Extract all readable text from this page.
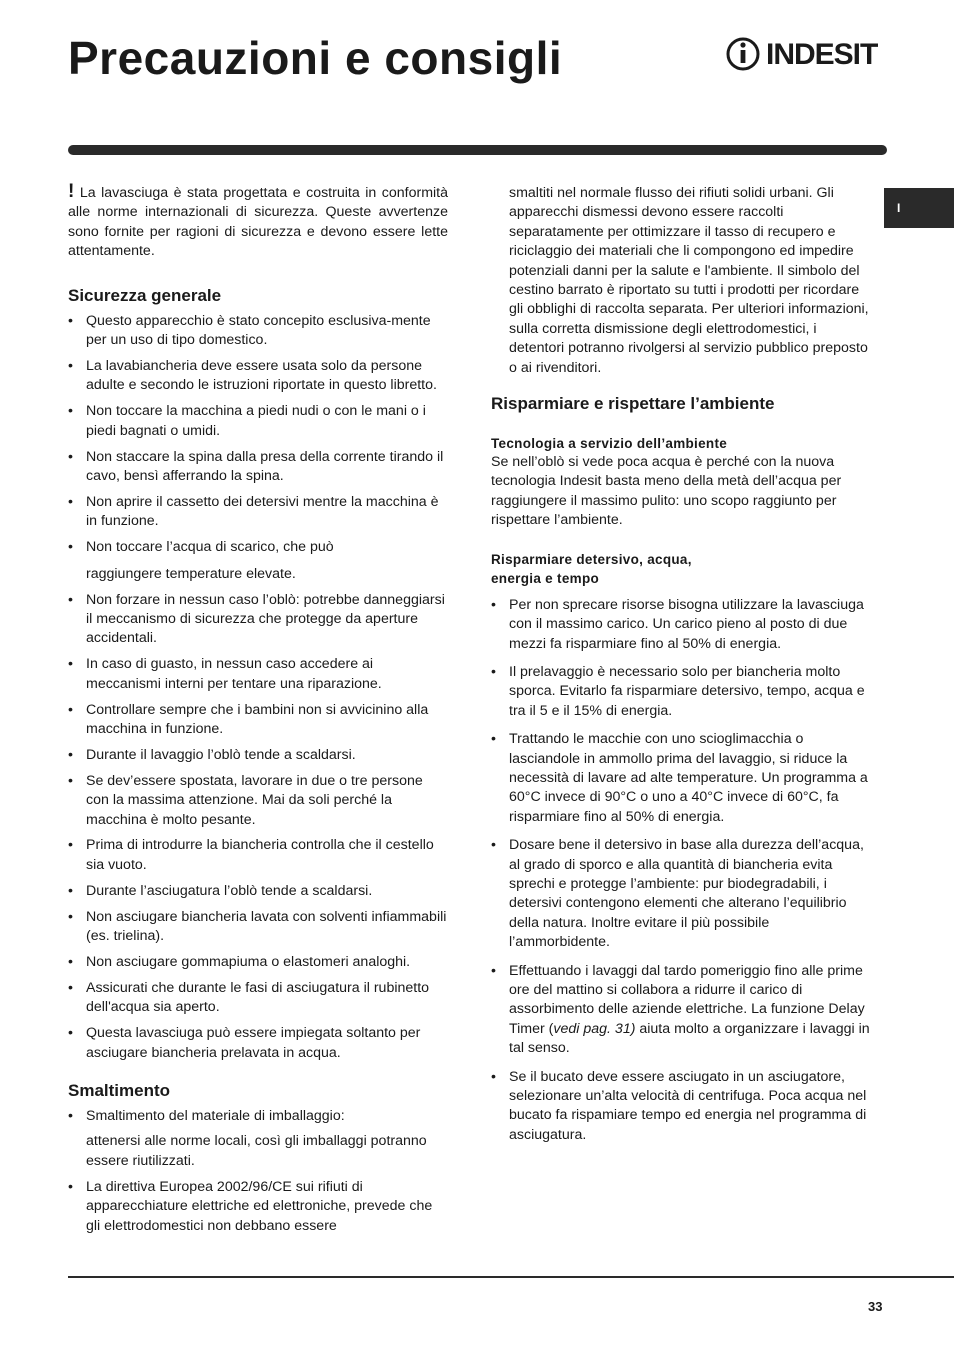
Precauzioni e consigli	INDESIT
I

! La lavasciuga è stata progettata e costruita in conformità alle norme internazionali di sicurezza. Queste avvertenze sono fornite per ragioni di sicurezza e devono essere lette attentamente.

Sicurezza generale
• Questo apparecchio è stato concepito esclusiva-mente per un uso di tipo domestico.
• La lavabiancheria deve essere usata solo da persone adulte e secondo le istruzioni riportate in questo libretto.
• Non toccare la macchina a piedi nudi o con le mani o i piedi bagnati o umidi.
• Non staccare la spina dalla presa della corrente tirando il cavo, bensì afferrando la spina.
• Non aprire il cassetto dei detersivi mentre la macchina è in funzione.
• Non toccare l’acqua di scarico, che può
raggiungere temperature elevate.
• Non forzare in nessun caso l’oblò: potrebbe danneggiarsi il meccanismo di sicurezza che protegge da aperture accidentali.
• In caso di guasto, in nessun caso accedere ai meccanismi interni per tentare una riparazione.
• Controllare sempre che i bambini non si avvicinino alla macchina in funzione.
• Durante il lavaggio l’oblò tende a scaldarsi.
• Se dev’essere spostata, lavorare in due o tre persone con la massima attenzione. Mai da soli perché la macchina è molto pesante.
• Prima di introdurre la biancheria controlla che il cestello sia vuoto.
• Durante l’asciugatura l’oblò tende a scaldarsi.
• Non asciugare biancheria lavata con solventi infiammabili (es. trielina).
• Non asciugare gommapiuma o elastomeri analoghi.
• Assicurati che durante le fasi di asciugatura il rubinetto dell'acqua sia aperto.
• Questa lavasciuga può essere impiegata soltanto per asciugare biancheria prelavata in acqua.
Smaltimento
• Smaltimento del materiale di imballaggio:
attenersi alle norme locali, così gli imballaggi potranno essere riutilizzati.
• La direttiva Europea 2002/96/CE sui rifiuti di apparecchiature elettriche ed elettroniche, prevede che gli elettrodomestici non debbano essere

smaltiti nel normale flusso dei rifiuti solidi urbani. Gli apparecchi dismessi devono essere raccolti separatamente per ottimizzare il tasso di recupero e riciclaggio dei materiali che li compongono ed impedire potenziali danni per la salute e l'ambiente. Il simbolo del cestino barrato è riportato su tutti i prodotti per ricordare gli obblighi di raccolta separata. Per ulteriori informazioni, sulla corretta dismissione degli elettrodomestici, i detentori potranno rivolgersi al servizio pubblico preposto o ai rivenditori.

Risparmiare e rispettare l’ambiente
Tecnologia a servizio dell’ambiente

Se nell’oblò si vede poca acqua è perché con la nuova tecnologia Indesit basta meno della metà dell’acqua per raggiungere il massimo pulito: uno scopo raggiunto per rispettare l’ambiente.

Risparmiare detersivo, acqua,
energia e tempo
• Per non sprecare risorse bisogna utilizzare la lavasciuga con il massimo carico. Un carico pieno al posto di due mezzi fa risparmiare fino al 50% di energia.
• Il prelavaggio è necessario solo per biancheria molto sporca. Evitarlo fa risparmiare detersivo, tempo, acqua e tra il 5 e il 15% di energia.
• Trattando le macchie con uno scioglimacchia o lasciandole in ammollo prima del lavaggio, si riduce la necessità di lavare ad alte temperature. Un programma a 60°C invece di 90°C o uno a 40°C invece di 60°C, fa risparmiare fino al 50% di energia.
• Dosare bene il detersivo in base alla durezza dell’acqua, al grado di sporco e alla quantità di biancheria evita sprechi e protegge l’ambiente: pur biodegradabili, i detersivi contengono elementi che alterano l’equilibrio della natura. Inoltre evitare il più possibile l’ammorbidente.
• Effettuando i lavaggi dal tardo pomeriggio fino alle prime ore del mattino si collabora a ridurre il carico di assorbimento delle aziende elettriche. La funzione Delay Timer (vedi pag. 31) aiuta molto a organizzare i lavaggi in tal senso.
• Se il bucato deve essere asciugato in un asciugatore, selezionare un’alta velocità di centrifuga. Poca acqua nel bucato fa rispamiare tempo ed energia nel programma di asciugatura.
33
